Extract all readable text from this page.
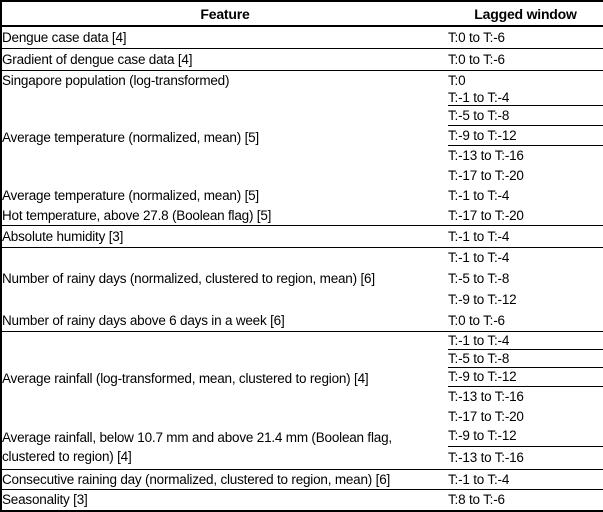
Feature	Lagged window
Dengue case data [4]	T:0 to T:-6
Gradient of dengue case data [4]	T:0 to T:-6
Singapore population (log-transformed)	T:0
Average temperature (normalized, mean) [5]	T:-1 to T:-4
	T:-5 to T:-8
	T:-9 to T:-12
	T:-13 to T:-16
	T:-17 to T:-20
Average temperature (normalized, mean) [5]	T:-1 to T:-4
Hot temperature, above 27.8 (Boolean flag) [5]	T:-17 to T:-20
Absolute humidity [3]	T:-1 to T:-4
Number of rainy days (normalized, clustered to region, mean) [6]	T:-1 to T:-4
	T:-5 to T:-8
	T:-9 to T:-12
Number of rainy days above 6 days in a week [6]	T:0 to T:-6
Average rainfall (log-transformed, mean, clustered to region) [4]	T:-1 to T:-4
	T:-5 to T:-8
	T:-9 to T:-12
	T:-13 to T:-16
	T:-17 to T:-20
Average rainfall, below 10.7 mm and above 21.4 mm (Boolean flag, clustered to region) [4]	T:-9 to T:-12
	T:-13 to T:-16
Consecutive raining day (normalized, clustered to region, mean) [6]	T:-1 to T:-4
Seasonality [3]	T:8 to T:-6
